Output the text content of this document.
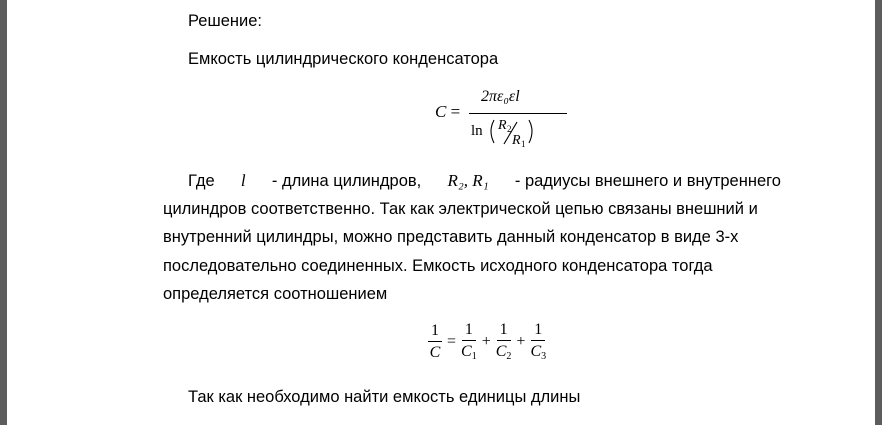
Решение:
Емкость цилиндрического конденсатора
C =
2πε₀εl
ln R 2
R 1
Где l - длина цилиндров, R₂, R₁ - радиусы внешнего и внутреннего
цилиндров соответственно. Так как электрической цепью связаны внешний и
внутренний цилиндры, можно представить данный конденсатор в виде 3-х
последовательно соединенных. Емкость исходного конденсатора тогда
определяется соотношением
$\frac{1}{C} = \frac{1}{C1} + \frac{1}{C2} + \frac{1}{C3}$
Так как необходимо найти емкость единицы длины
